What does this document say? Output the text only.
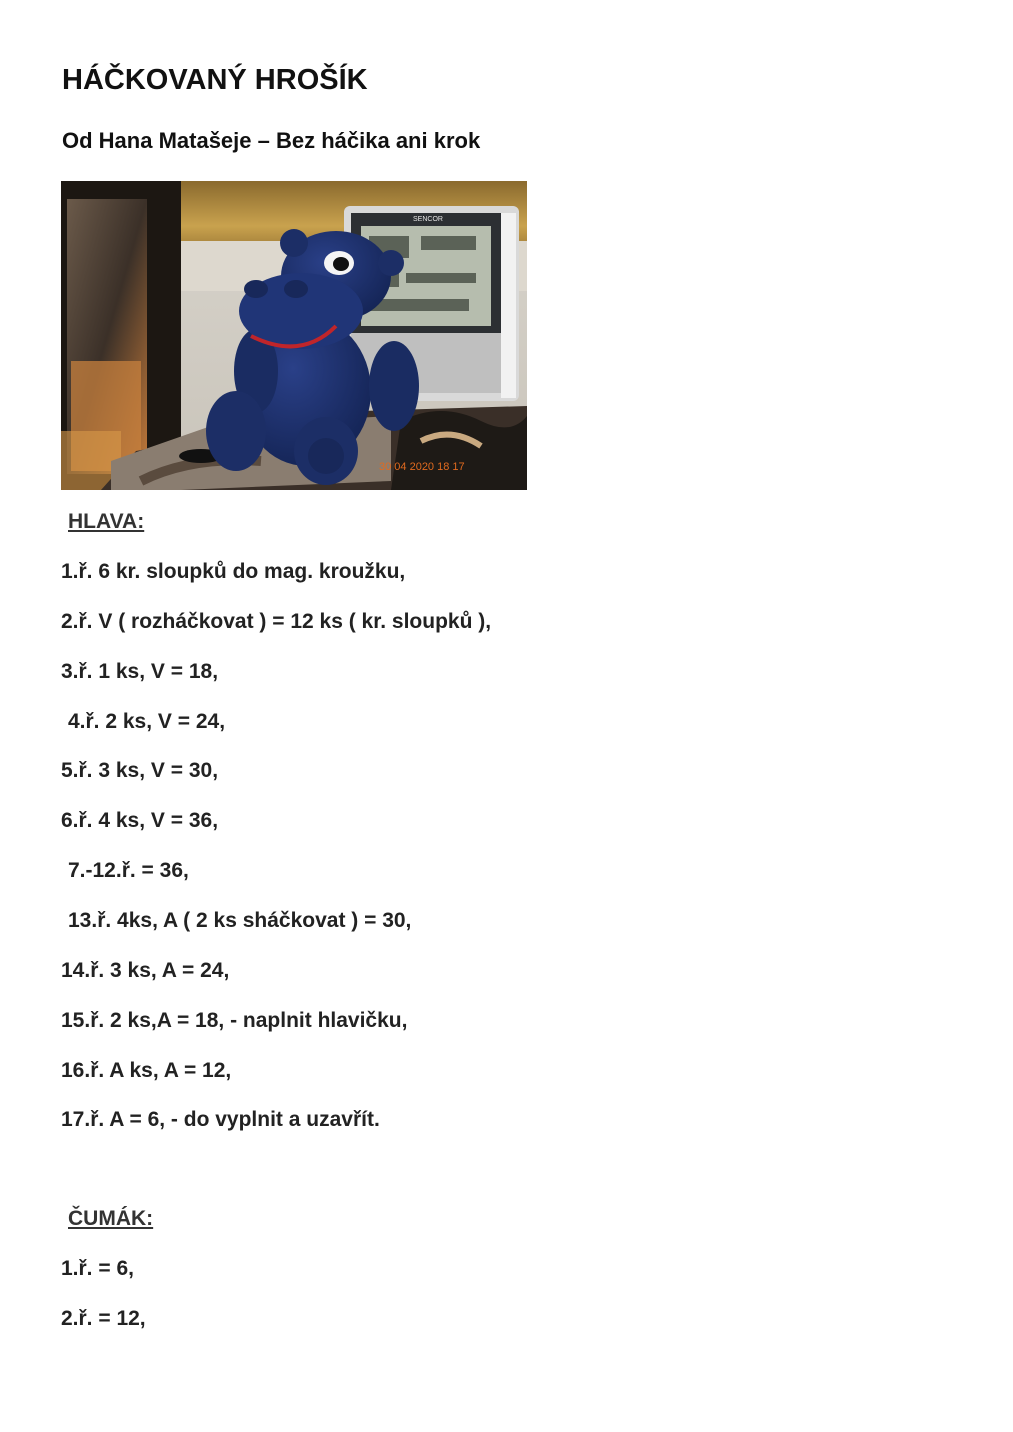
HÁČKOVANÝ HROŠÍK
Od Hana Matašeje – Bez háčika ani krok
SENCOR
30 04 2020 18 17
HLAVA:
1.ř. 6 kr. sloupků do mag. kroužku,
2.ř. V ( rozháčkovat ) = 12 ks ( kr. sloupků ),
3.ř. 1 ks, V = 18,
4.ř. 2 ks, V = 24,
5.ř. 3 ks, V = 30,
6.ř. 4 ks, V = 36,
7.-12.ř. = 36,
13.ř. 4ks, A ( 2 ks sháčkovat ) = 30,
14.ř. 3 ks, A = 24,
15.ř. 2 ks,A = 18, - naplnit hlavičku,
16.ř. A ks, A = 12,
17.ř. A = 6, - do vyplnit a uzavřít.
ČUMÁK:
1.ř. = 6,
2.ř. = 12,
